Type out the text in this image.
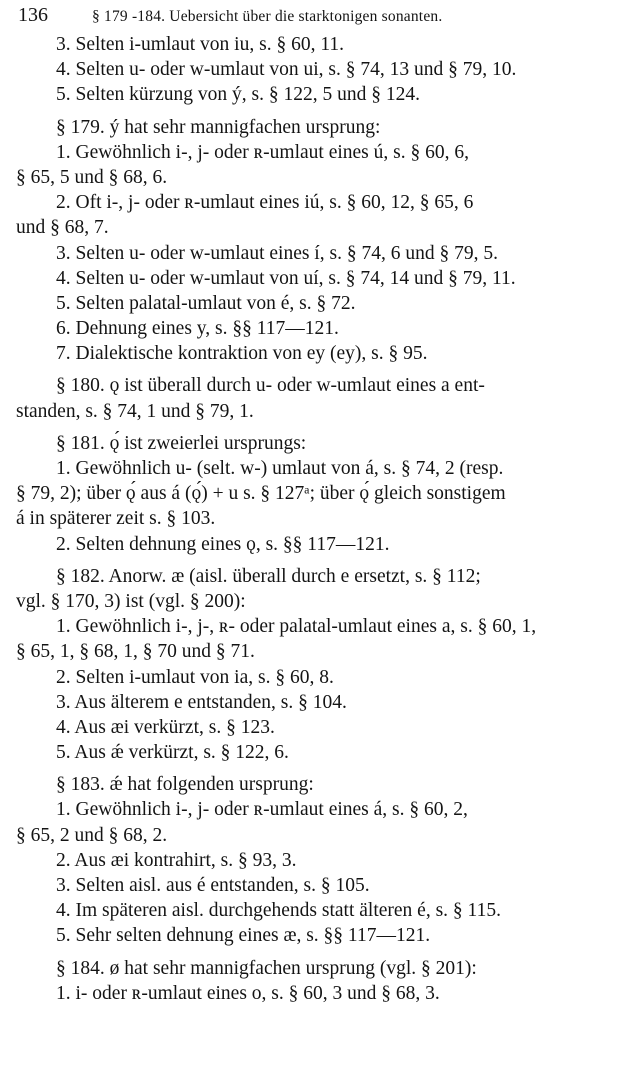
136	§ 179 -184. Uebersicht über die starktonigen sonanten.
3. Selten i-umlaut von iu, s. § 60, 11.
4. Selten u- oder w-umlaut von ui, s. § 74, 13 und § 79, 10.
5. Selten kürzung von ý, s. § 122, 5 und § 124.
§ 179. ý hat sehr mannigfachen ursprung:
1. Gewöhnlich i-, j- oder ʀ-umlaut eines ú, s. § 60, 6,
§ 65, 5 und § 68, 6.
2. Oft i-, j- oder ʀ-umlaut eines iú, s. § 60, 12, § 65, 6
und § 68, 7.
3. Selten u- oder w-umlaut eines í, s. § 74, 6 und § 79, 5.
4. Selten u- oder w-umlaut von uí, s. § 74, 14 und § 79, 11.
5. Selten palatal-umlaut von é, s. § 72.
6. Dehnung eines y, s. §§ 117—121.
7. Dialektische kontraktion von ey (ey), s. § 95.
§ 180. ǫ ist überall durch u- oder w-umlaut eines a ent-
standen, s. § 74, 1 und § 79, 1.
§ 181. ǫ́ ist zweierlei ursprungs:
1. Gewöhnlich u- (selt. w-) umlaut von á, s. § 74, 2 (resp.
§ 79, 2); über ǫ́ aus á (ǫ́) + u s. § 127ᵃ; über ǫ́ gleich sonstigem
á in späterer zeit s. § 103.
2. Selten dehnung eines ǫ, s. §§ 117—121.
§ 182. Anorw. æ (aisl. überall durch e ersetzt, s. § 112;
vgl. § 170, 3) ist (vgl. § 200):
1. Gewöhnlich i-, j-, ʀ- oder palatal-umlaut eines a, s. § 60, 1,
§ 65, 1, § 68, 1, § 70 und § 71.
2. Selten i-umlaut von ia, s. § 60, 8.
3. Aus älterem e entstanden, s. § 104.
4. Aus æi verkürzt, s. § 123.
5. Aus ǽ verkürzt, s. § 122, 6.
§ 183. ǽ hat folgenden ursprung:
1. Gewöhnlich i-, j- oder ʀ-umlaut eines á, s. § 60, 2,
§ 65, 2 und § 68, 2.
2. Aus æi kontrahirt, s. § 93, 3.
3. Selten aisl. aus é entstanden, s. § 105.
4. Im späteren aisl. durchgehends statt älteren é, s. § 115.
5. Sehr selten dehnung eines æ, s. §§ 117—121.
§ 184. ø hat sehr mannigfachen ursprung (vgl. § 201):
1. i- oder ʀ-umlaut eines o, s. § 60, 3 und § 68, 3.
